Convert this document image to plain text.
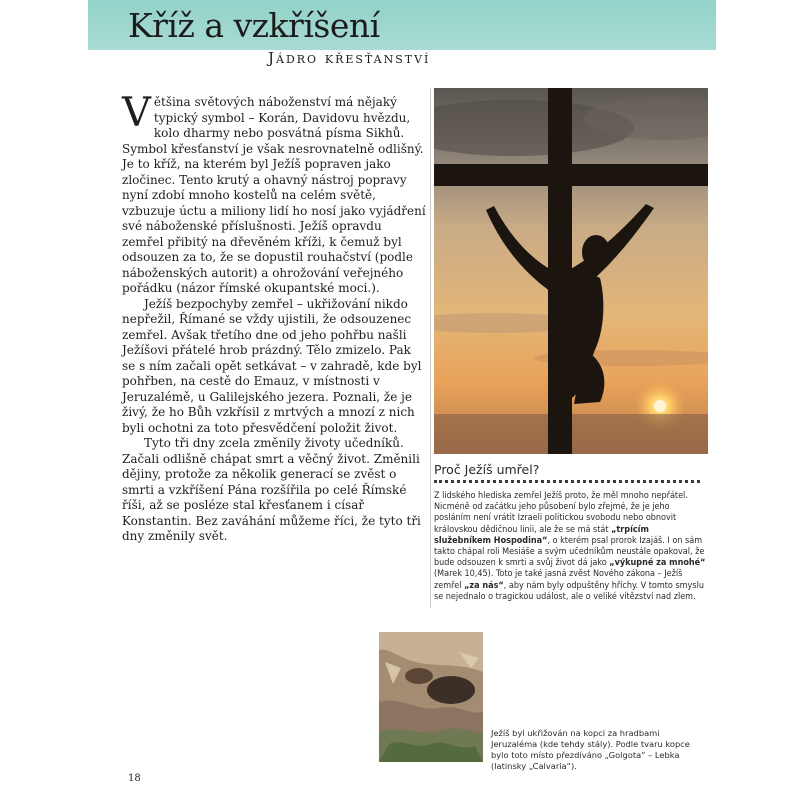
Kříž a vzkříšení
Jádro křesťanství

Většina světových náboženství má nějaký typický symbol – Korán, Davidovu hvězdu, kolo dharmy nebo posvátná písma Sikhů. Symbol křesťanství je však nesrovnatelně odlišný. Je to kříž, na kterém byl Ježíš popraven jako zločinec. Tento krutý a ohavný nástroj popravy nyní zdobí mnoho kostelů na celém světě, vzbuzuje úctu a miliony lidí ho nosí jako vyjádření své náboženské příslušnosti. Ježíš opravdu zemřel přibitý na dřevěném kříži, k čemuž byl odsouzen za to, že se dopustil rouhačství (podle náboženských autorit) a ohrožování veřejného pořádku (názor římské okupantské moci.).

Ježíš bezpochyby zemřel – ukřižování nikdo nepřežil, Římané se vždy ujistili, že odsouzenec zemřel. Avšak třetího dne od jeho pohřbu našli Ježíšovi přátelé hrob prázdný. Tělo zmizelo. Pak se s ním začali opět setkávat – v zahradě, kde byl pohřben, na cestě do Emauz, v místnosti v Jeruzalémě, u Galilejského jezera. Poznali, že je živý, že ho Bůh vzkřísil z mrtvých a mnozí z nich byli ochotni za toto přesvědčení položit život.

Tyto tři dny zcela změnily životy učedníků. Začali odlišně chápat smrt a věčný život. Změnili dějiny, protože za několik generací se zvěst o smrti a vzkříšení Pána rozšířila po celé Římské říši, až se posléze stal křesťanem i císař Konstantin. Bez zaváhání můžeme říci, že tyto tři dny změnily svět.

Proč Ježíš umřel?
Z lidského hlediska zemřel Ježíš proto, že měl mnoho nepřátel. Nicméně od začátku jeho působení bylo zřejmé, že je jeho posláním není vrátit Izraeli politickou svobodu nebo obnovit královskou dědičnou linii, ale že se má stát „trpícím služebníkem Hospodina“, o kterém psal prorok Izajáš. I on sám takto chápal roli Mesiáše a svým učedníkům neustále opakoval, že bude odsouzen k smrti a svůj život dá jako „výkupné za mnohé“ (Marek 10,45). Toto je také jasná zvěst Nového zákona – Ježíš zemřel „za nás“, aby nám byly odpuštěny hříchy. V tomto smyslu se nejednalo o tragickou událost, ale o veliké vítězství nad zlem.
Ježíš byl ukřižován na kopci za hradbami Jeruzaléma (kde tehdy stály). Podle tvaru kopce bylo toto místo přezdíváno „Golgota“ – Lebka (latinsky „Calvaria“).
18
